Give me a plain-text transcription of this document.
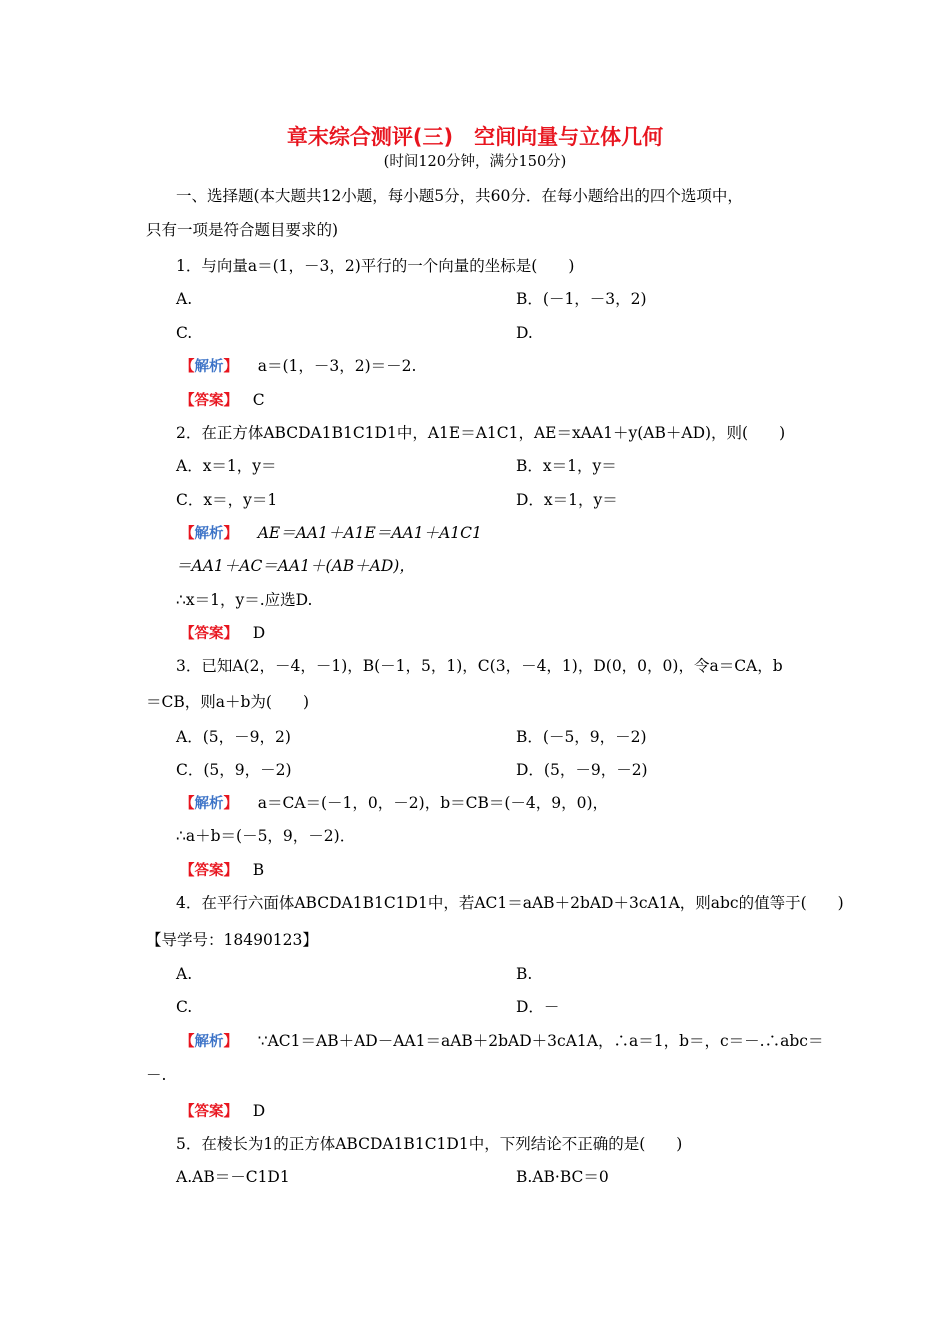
章末综合测评(三)　空间向量与立体几何
(时间120分钟，满分150分)
一、选择题(本大题共12小题，每小题5分，共60分．在每小题给出的四个选项中，
只有一项是符合题目要求的)
1．与向量a＝(1，－3，2)平行的一个向量的坐标是(　　)
A.	B．(－1，－3，2)
C.	D.
【解析】 a＝(1，－3，2)＝－2.
【答案】 C
2．在正方体ABCDA1B1C1D1中，A1E＝A1C1，AE＝xAA1＋y(AB＋AD)，则(　　)
A．x＝1，y＝	B．x＝1，y＝
C．x＝，y＝1	D．x＝1，y＝
【解析】 AE＝AA1＋A1E＝AA1＋A1C1
＝AA1＋AC＝AA1＋(AB＋AD)，
∴x＝1，y＝.应选D.
【答案】 D
3．已知A(2，－4，－1)，B(－1，5，1)，C(3，－4，1)，D(0，0，0)，令a＝CA，b
＝CB，则a＋b为(　　)
A．(5，－9，2)	B．(－5，9，－2)
C．(5，9，－2)	D．(5，－9，－2)
【解析】 a＝CA＝(－1，0，－2)，b＝CB＝(－4，9，0)，
∴a＋b＝(－5，9，－2)．
【答案】 B
4．在平行六面体ABCDA1B1C1D1中，若AC1＝aAB＋2bAD＋3cA1A，则abc的值等于(　　)
【导学号：18490123】
A.	B.
C.	D．－
【解析】 ∵AC1＝AB＋AD－AA1＝aAB＋2bAD＋3cA1A，∴a＝1，b＝，c＝－.∴abc＝
－.
【答案】 D
5．在棱长为1的正方体ABCDA1B1C1D1中，下列结论不正确的是(　　)
A.AB＝－C1D1	B.AB·BC＝0
